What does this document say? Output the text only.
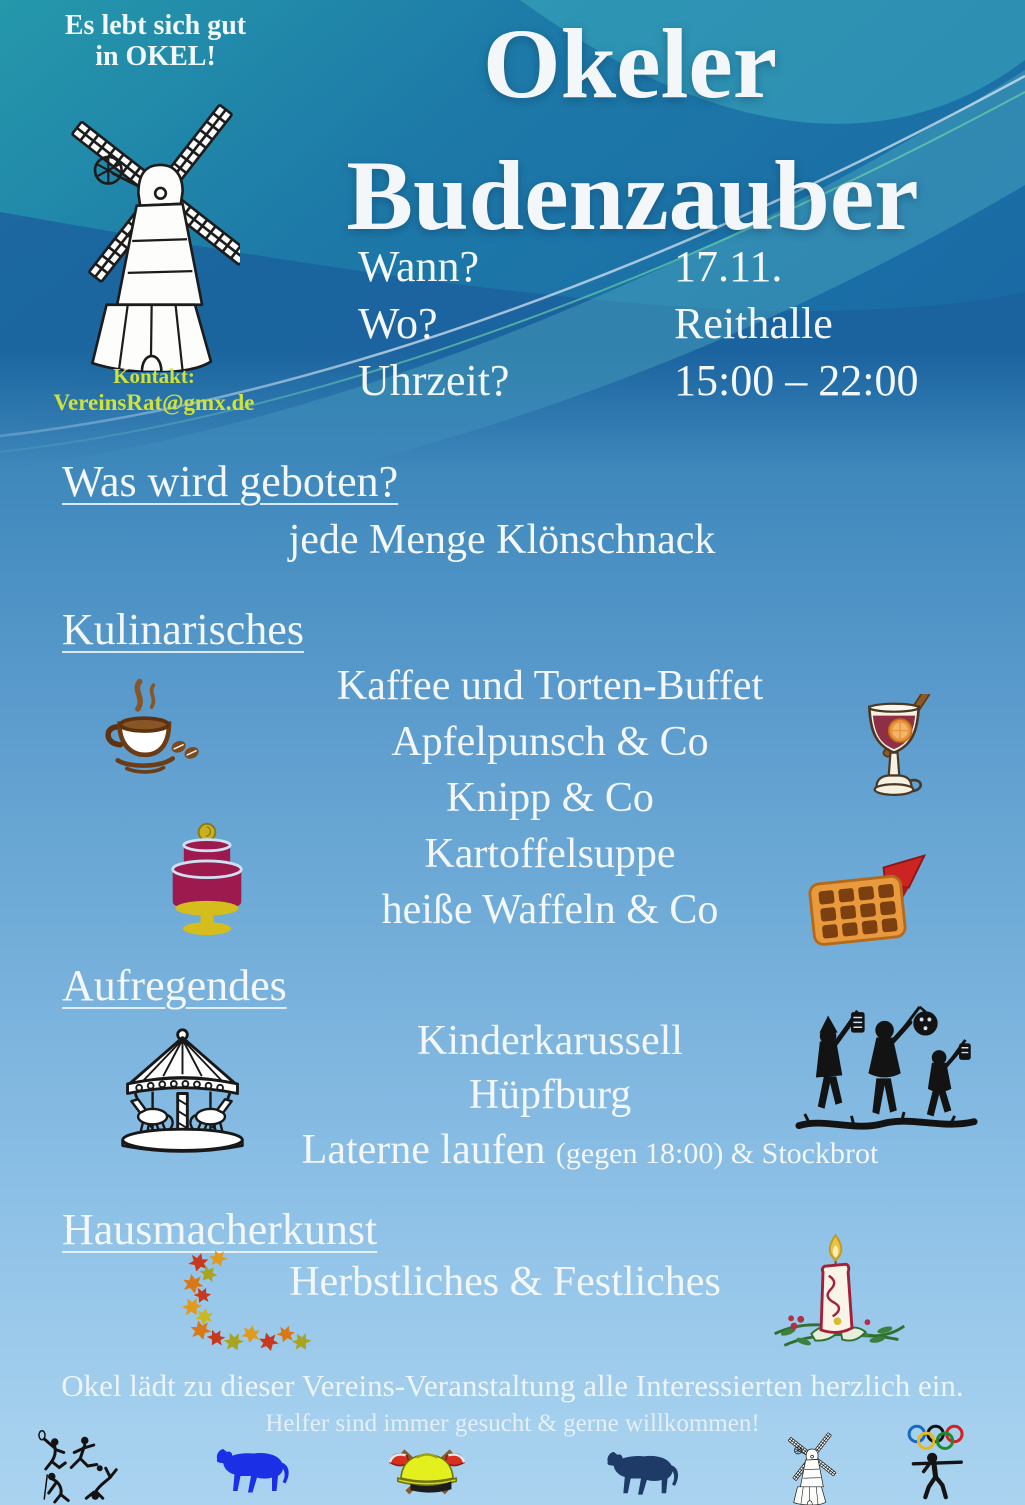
Es lebt sich gut
in OKEL!
Kontakt:
VereinsRat@gmx.de
Okeler
Budenzauber
Wann?	17.11.
Wo?	Reithalle
Uhrzeit?	15:00 – 22:00
Was wird geboten?
jede Menge Klönschnack
Kulinarisches
Kaffee und Torten-Buffet
Apfelpunsch & Co
Knipp & Co
Kartoffelsuppe
heiße Waffeln & Co
Aufregendes
Kinderkarussell
Hüpfburg
Laterne laufen (gegen 18:00) & Stockbrot
Hausmacherkunst
Herbstliches & Festliches
Okel lädt zu dieser Vereins-Veranstaltung alle Interessierten herzlich ein.
Helfer sind immer gesucht & gerne willkommen!
